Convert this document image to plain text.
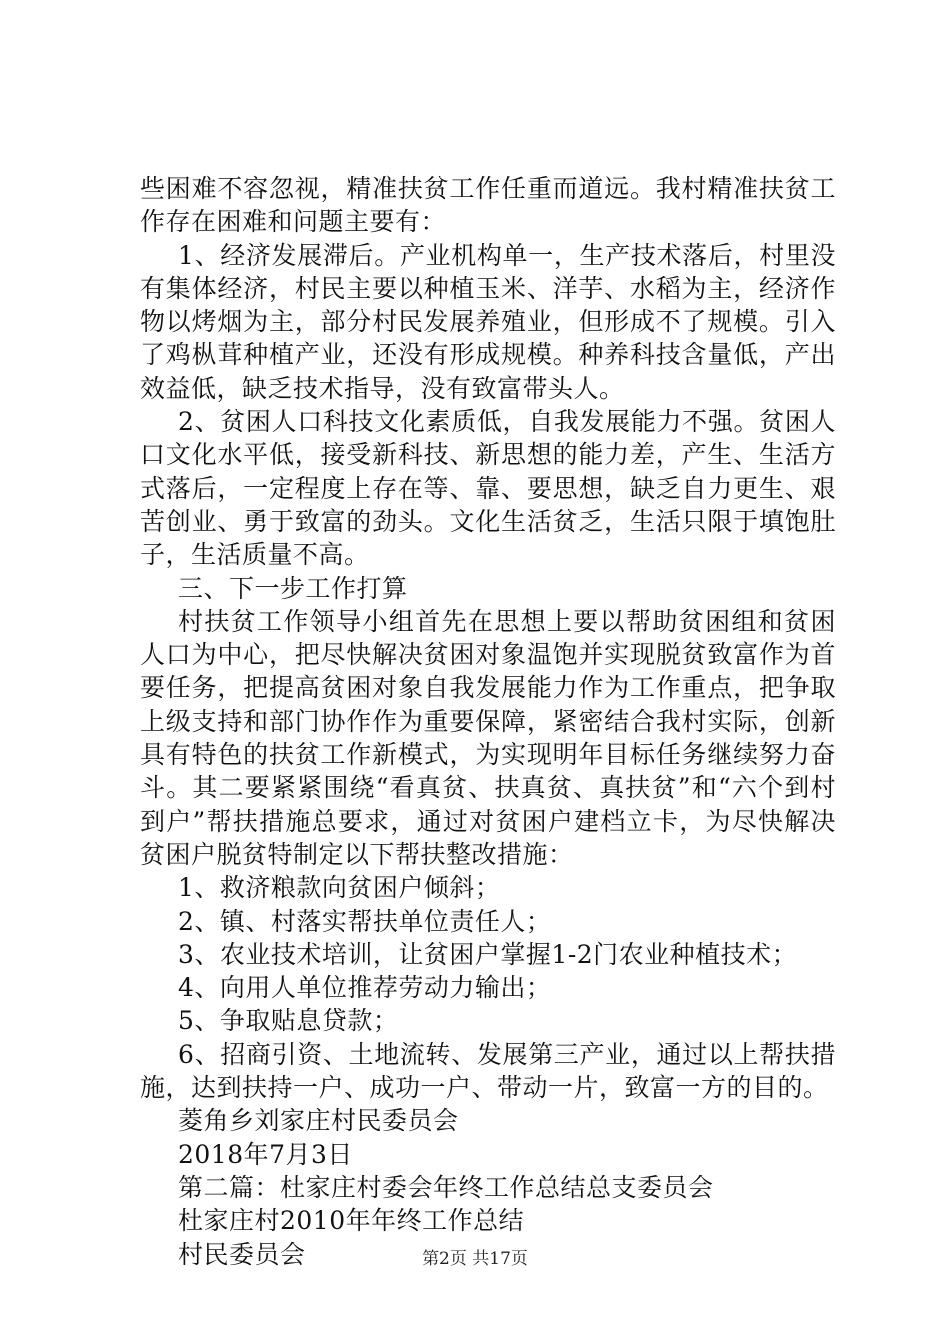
些困难不容忽视，精准扶贫工作任重而道远。我村精准扶贫工作存在困难和问题主要有：

1、经济发展滞后。产业机构单一，生产技术落后，村里没有集体经济，村民主要以种植玉米、洋芋、水稻为主，经济作物以烤烟为主，部分村民发展养殖业，但形成不了规模。引入了鸡枞茸种植产业，还没有形成规模。种养科技含量低，产出效益低，缺乏技术指导，没有致富带头人。

2、贫困人口科技文化素质低，自我发展能力不强。贫困人口文化水平低，接受新科技、新思想的能力差，产生、生活方式落后，一定程度上存在等、靠、要思想，缺乏自力更生、艰苦创业、勇于致富的劲头。文化生活贫乏，生活只限于填饱肚子，生活质量不高。

三、下一步工作打算

村扶贫工作领导小组首先在思想上要以帮助贫困组和贫困人口为中心，把尽快解决贫困对象温饱并实现脱贫致富作为首要任务，把提高贫困对象自我发展能力作为工作重点，把争取上级支持和部门协作作为重要保障，紧密结合我村实际，创新具有特色的扶贫工作新模式，为实现明年目标任务继续努力奋斗。其二要紧紧围绕“看真贫、扶真贫、真扶贫”和“六个到村到户”帮扶措施总要求，通过对贫困户建档立卡，为尽快解决贫困户脱贫特制定以下帮扶整改措施：

1、救济粮款向贫困户倾斜；

2、镇、村落实帮扶单位责任人；

3、农业技术培训，让贫困户掌握1-2门农业种植技术；

4、向用人单位推荐劳动力输出；

5、争取贴息贷款；

6、招商引资、土地流转、发展第三产业，通过以上帮扶措施，达到扶持一户、成功一户、带动一片，致富一方的目的。

菱角乡刘家庄村民委员会

2018年7月3日

第二篇：杜家庄村委会年终工作总结总支委员会

杜家庄村2010年年终工作总结

村民委员会	第2页 共17页
